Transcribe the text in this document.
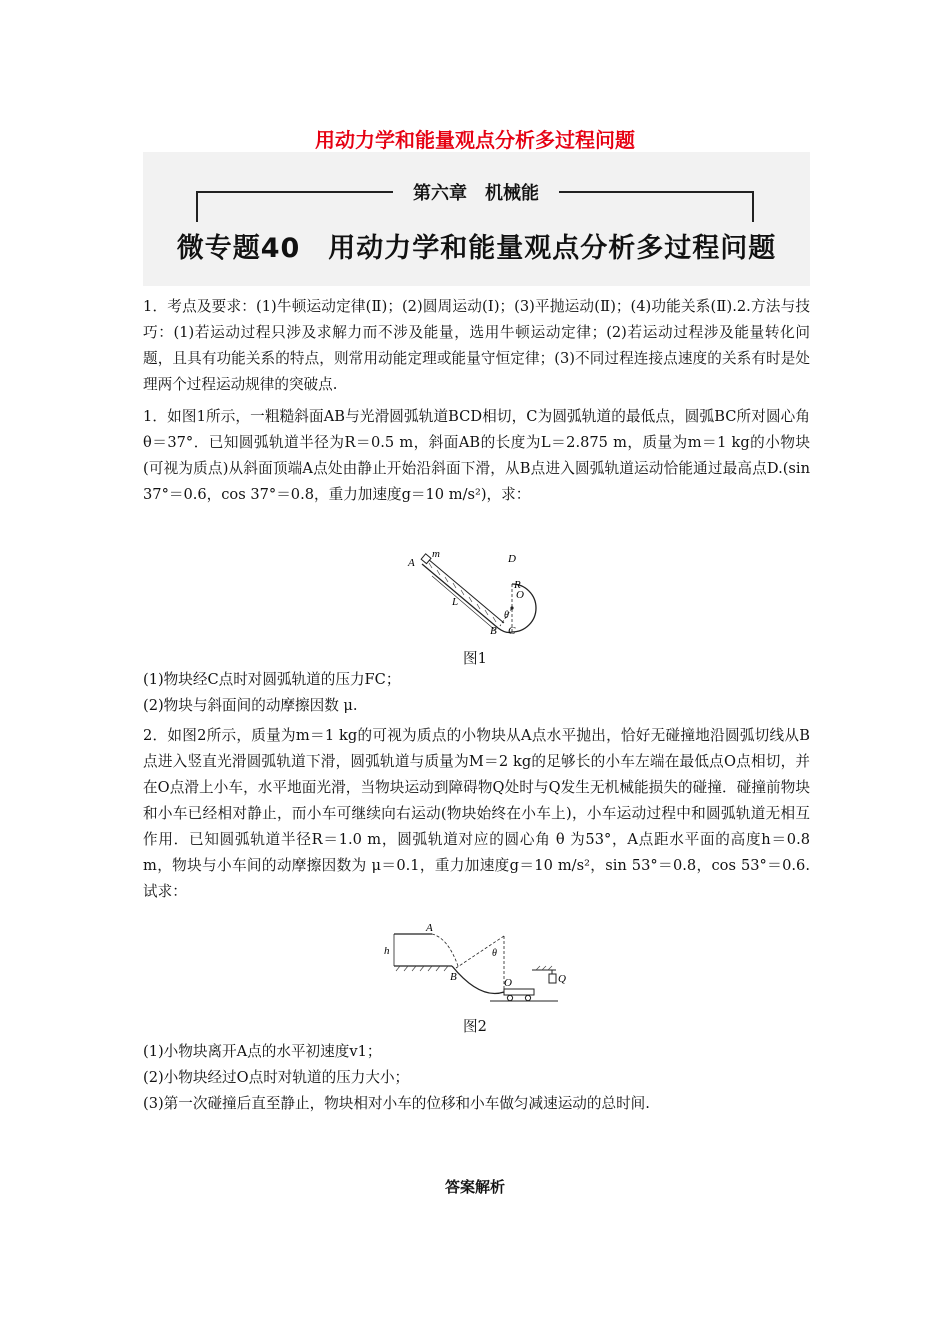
用动力学和能量观点分析多过程问题
第六章　机械能
微专题40　用动力学和能量观点分析多过程问题
1．考点及要求：(1)牛顿运动定律(Ⅱ)；(2)圆周运动(Ⅰ)；(3)平抛运动(Ⅱ)；(4)功能关系(Ⅱ).2.方法与技巧：(1)若运动过程只涉及求解力而不涉及能量，选用牛顿运动定律；(2)若运动过程涉及能量转化问题，且具有功能关系的特点，则常用动能定理或能量守恒定律；(3)不同过程连接点速度的关系有时是处理两个过程运动规律的突破点.
1．如图1所示，一粗糙斜面AB与光滑圆弧轨道BCD相切，C为圆弧轨道的最低点，圆弧BC所对圆心角 θ＝37°．已知圆弧轨道半径为R＝0.5 m，斜面AB的长度为L＝2.875 m，质量为m＝1 kg的小物块(可视为质点)从斜面顶端A点处由静止开始沿斜面下滑，从B点进入圆弧轨道运动恰能通过最高点D.(sin 37°＝0.6，cos 37°＝0.8，重力加速度g＝10 m/s²)，求：
m
A
L
B C
D
R
O
θ
图1
(1)物块经C点时对圆弧轨道的压力FC；
(2)物块与斜面间的动摩擦因数 μ.
2．如图2所示，质量为m＝1 kg的可视为质点的小物块从A点水平抛出，恰好无碰撞地沿圆弧切线从B点进入竖直光滑圆弧轨道下滑，圆弧轨道与质量为M＝2 kg的足够长的小车左端在最低点O点相切，并在O点滑上小车，水平地面光滑，当物块运动到障碍物Q处时与Q发生无机械能损失的碰撞．碰撞前物块和小车已经相对静止，而小车可继续向右运动(物块始终在小车上)，小车运动过程中和圆弧轨道无相互作用．已知圆弧轨道半径R＝1.0 m，圆弧轨道对应的圆心角 θ 为53°，A点距水平面的高度h＝0.8 m，物块与小车间的动摩擦因数为 μ＝0.1，重力加速度g＝10 m/s²，sin 53°＝0.8，cos 53°＝0.6.试求：
A
h
B	O	Q
θ
图2
(1)小物块离开A点的水平初速度v1；
(2)小物块经过O点时对轨道的压力大小；
(3)第一次碰撞后直至静止，物块相对小车的位移和小车做匀减速运动的总时间.
答案解析
